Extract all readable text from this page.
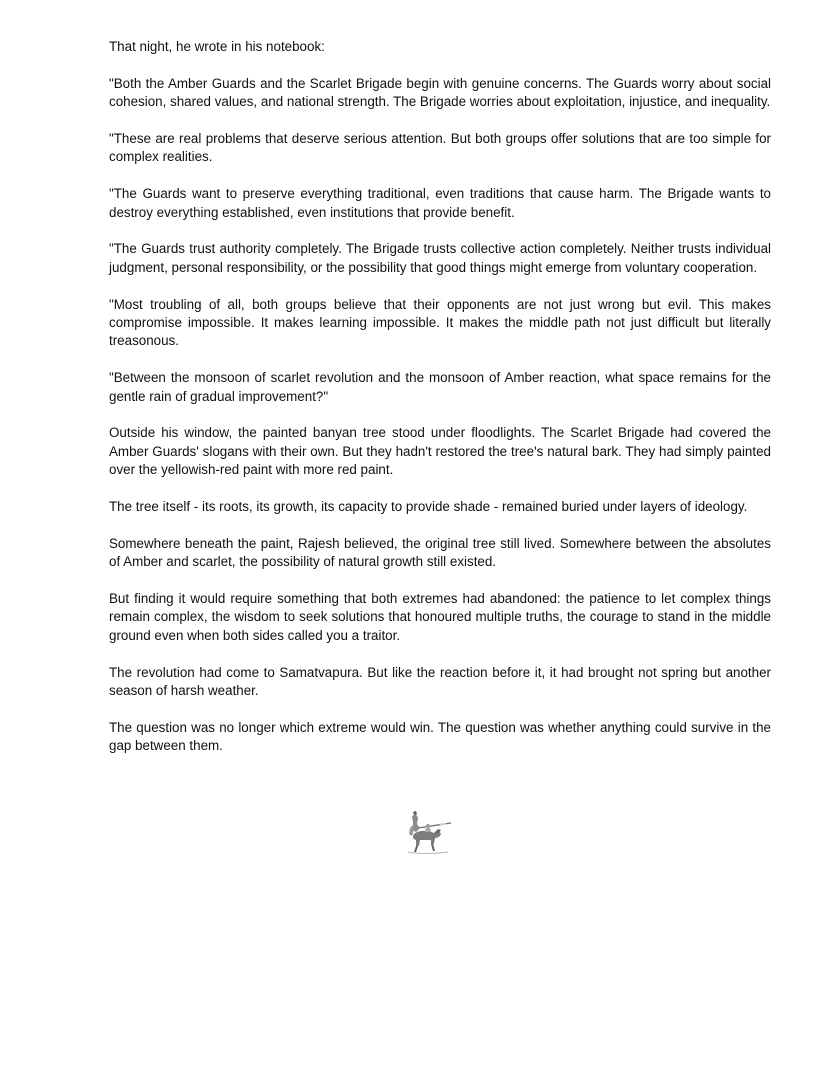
That night, he wrote in his notebook:

"Both the Amber Guards and the Scarlet Brigade begin with genuine concerns. The Guards worry about social cohesion, shared values, and national strength. The Brigade worries about exploitation, injustice, and inequality.

"These are real problems that deserve serious attention. But both groups offer solutions that are too simple for complex realities.

"The Guards want to preserve everything traditional, even traditions that cause harm. The Brigade wants to destroy everything established, even institutions that provide benefit.

"The Guards trust authority completely. The Brigade trusts collective action completely. Neither trusts individual judgment, personal responsibility, or the possibility that good things might emerge from voluntary cooperation.

"Most troubling of all, both groups believe that their opponents are not just wrong but evil. This makes compromise impossible. It makes learning impossible. It makes the middle path not just difficult but literally treasonous.

"Between the monsoon of scarlet revolution and the monsoon of Amber reaction, what space remains for the gentle rain of gradual improvement?"

Outside his window, the painted banyan tree stood under floodlights. The Scarlet Brigade had covered the Amber Guards' slogans with their own. But they hadn't restored the tree's natural bark. They had simply painted over the yellowish-red paint with more red paint.

The tree itself - its roots, its growth, its capacity to provide shade - remained buried under layers of ideology.

Somewhere beneath the paint, Rajesh believed, the original tree still lived. Somewhere between the absolutes of Amber and scarlet, the possibility of natural growth still existed.

But finding it would require something that both extremes had abandoned: the patience to let complex things remain complex, the wisdom to seek solutions that honoured multiple truths, the courage to stand in the middle ground even when both sides called you a traitor.

The revolution had come to Samatvapura. But like the reaction before it, it had brought not spring but another season of harsh weather.

The question was no longer which extreme would win. The question was whether anything could survive in the gap between them.
